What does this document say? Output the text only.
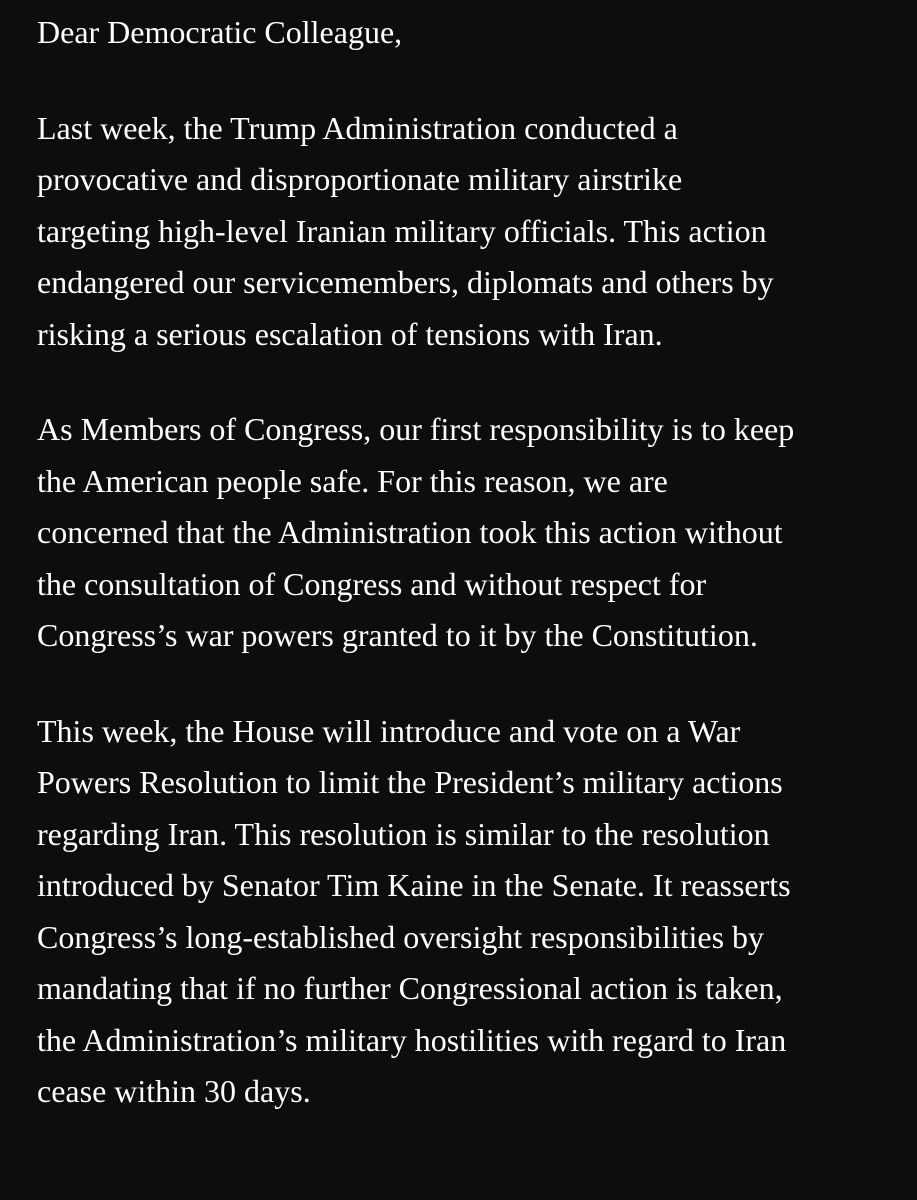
Dear Democratic Colleague,
Last week, the Trump Administration conducted a
provocative and disproportionate military airstrike
targeting high-level Iranian military officials. This action
endangered our servicemembers, diplomats and others by
risking a serious escalation of tensions with Iran.
As Members of Congress, our first responsibility is to keep
the American people safe. For this reason, we are
concerned that the Administration took this action without
the consultation of Congress and without respect for
Congress’s war powers granted to it by the Constitution.
This week, the House will introduce and vote on a War
Powers Resolution to limit the President’s military actions
regarding Iran. This resolution is similar to the resolution
introduced by Senator Tim Kaine in the Senate. It reasserts
Congress’s long-established oversight responsibilities by
mandating that if no further Congressional action is taken,
the Administration’s military hostilities with regard to Iran
cease within 30 days.
